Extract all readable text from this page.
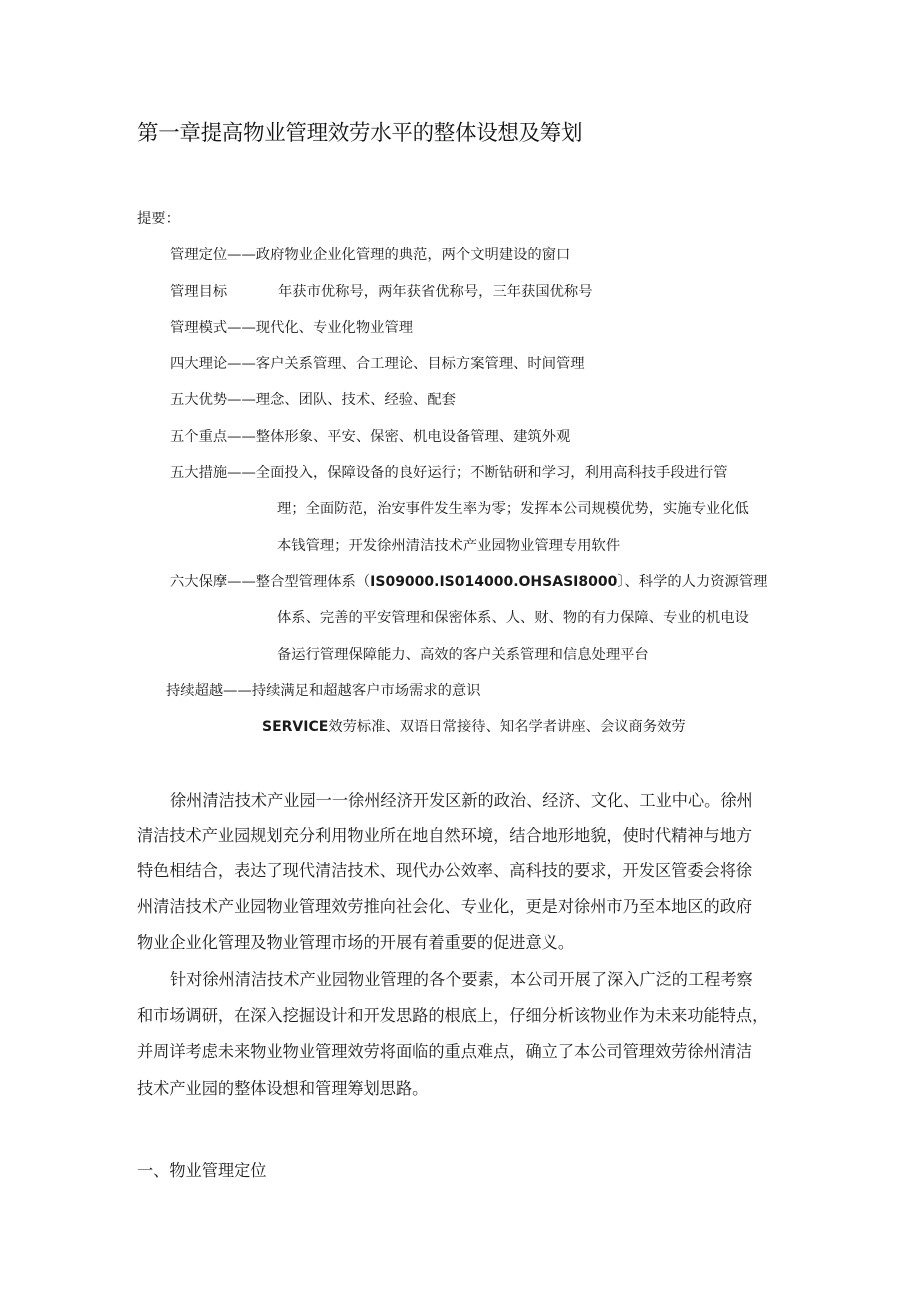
第一章提高物业管理效劳水平的整体设想及筹划
提要：
管理定位——政府物业企业化管理的典范，两个文明建设的窗口
管理目标	年获市优称号，两年获省优称号，三年获国优称号
管理模式——现代化、专业化物业管理
四大理论——客户关系管理、合工理论、目标方案管理、时间管理
五大优势——理念、团队、技术、经验、配套
五个重点——整体形象、平安、保密、机电设备管理、建筑外观
五大措施——全面投入，保障设备的良好运行；不断钻研和学习，利用高科技手段进行管
理；全面防范，治安事件发生率为零；发挥本公司规模优势，实施专业化低
本钱管理；开发徐州清洁技术产业园物业管理专用软件
六大保摩——整合型管理体系（IS09000.IS014000.OHSASI8000〕、科学的人力资源管理
体系、完善的平安管理和保密体系、人、财、物的有力保障、专业的机电设
备运行管理保障能力、高效的客户关系管理和信息处理平台
持续超越——持续满足和超越客户市场需求的意识
SERVICE效劳标准、双语日常接待、知名学者讲座、会议商务效劳
徐州清洁技术产业园一一徐州经济开发区新的政治、经济、文化、工业中心。徐州
清洁技术产业园规划充分利用物业所在地自然环境，结合地形地貌，使时代精神与地方
特色相结合，表达了现代清洁技术、现代办公效率、高科技的要求，开发区管委会将徐
州清洁技术产业园物业管理效劳推向社会化、专业化，更是对徐州市乃至本地区的政府
物业企业化管理及物业管理市场的开展有着重要的促进意义。
针对徐州清洁技术产业园物业管理的各个要素，本公司开展了深入广泛的工程考察
和市场调研，在深入挖掘设计和开发思路的根底上，仔细分析该物业作为未来功能特点，
并周详考虑未来物业物业管理效劳将面临的重点难点，确立了本公司管理效劳徐州清洁
技术产业园的整体设想和管理筹划思路。
一、物业管理定位
